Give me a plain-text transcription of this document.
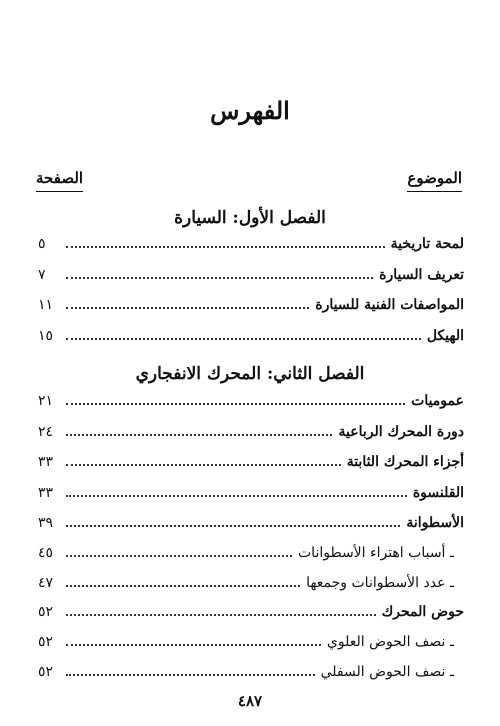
الفهرس
الموضوع
الصفحة
الفصل الأول: السيارة
لمحة تاريخية
٥
تعريف السيارة
٧
المواصفات الفنية للسيارة
١١
الهيكل
١٥
الفصل الثاني: المحرك الانفجاري
عموميات
٢١
دورة المحرك الرباعية
٢٤
أجزاء المحرك الثابتة
٣٣
القلنسوة
٣٣
الأسطوانة
٣٩
ـ أسباب اهتراء الأسطوانات
٤٥
ـ عدد الأسطوانات وجمعها
٤٧
حوض المحرك
٥٢
ـ نصف الحوض العلوي
٥٢
ـ نصف الحوض السفلي
٥٢
٤٨٧
